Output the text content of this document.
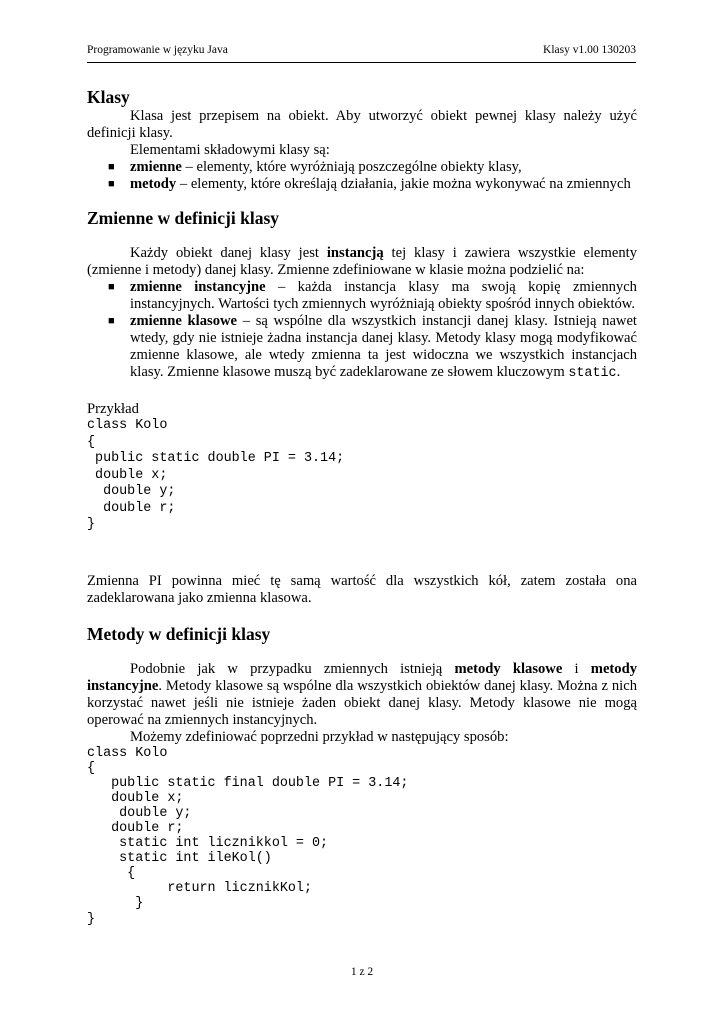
Programowanie w języku Java	Klasy v1.00 130203
Klasy

Klasa jest przepisem na obiekt. Aby utworzyć obiekt pewnej klasy należy użyć definicji klasy.

Elementami składowymi klasy są:

■ zmienne – elementy, które wyróżniają poszczególne obiekty klasy,
■ metody – elementy, które określają działania, jakie można wykonywać na zmiennych
Zmienne w definicji klasy

Każdy obiekt danej klasy jest instancją tej klasy i zawiera wszystkie elementy (zmienne i metody) danej klasy. Zmienne zdefiniowane w klasie można podzielić na:

■ zmienne instancyjne – każda instancja klasy ma swoją kopię zmiennych instancyjnych. Wartości tych zmiennych wyróżniają obiekty spośród innych obiektów.
■ zmienne klasowe – są wspólne dla wszystkich instancji danej klasy. Istnieją nawet wtedy, gdy nie istnieje żadna instancja danej klasy. Metody klasy mogą modyfikować zmienne klasowe, ale wtedy zmienna ta jest widoczna we wszystkich instancjach klasy. Zmienne klasowe muszą być zadeklarowane ze słowem kluczowym static.

Przykład

class Kolo
{
public static double PI = 3.14;
double x;
double y;
double r;
}

Zmienna PI powinna mieć tę samą wartość dla wszystkich kół, zatem została ona zadeklarowana jako zmienna klasowa.

Metody w definicji klasy

Podobnie jak w przypadku zmiennych istnieją metody klasowe i metody instancyjne. Metody klasowe są wspólne dla wszystkich obiektów danej klasy. Można z nich korzystać nawet jeśli nie istnieje żaden obiekt danej klasy. Metody klasowe nie mogą operować na zmiennych instancyjnych.

Możemy zdefiniować poprzedni przykład w następujący sposób:

class Kolo
{
public static final double PI = 3.14;
double x;
double y;
double r;
static int licznikkol = 0;
static int ileKol()
{
return licznikKol;
}
}
1 z 2
